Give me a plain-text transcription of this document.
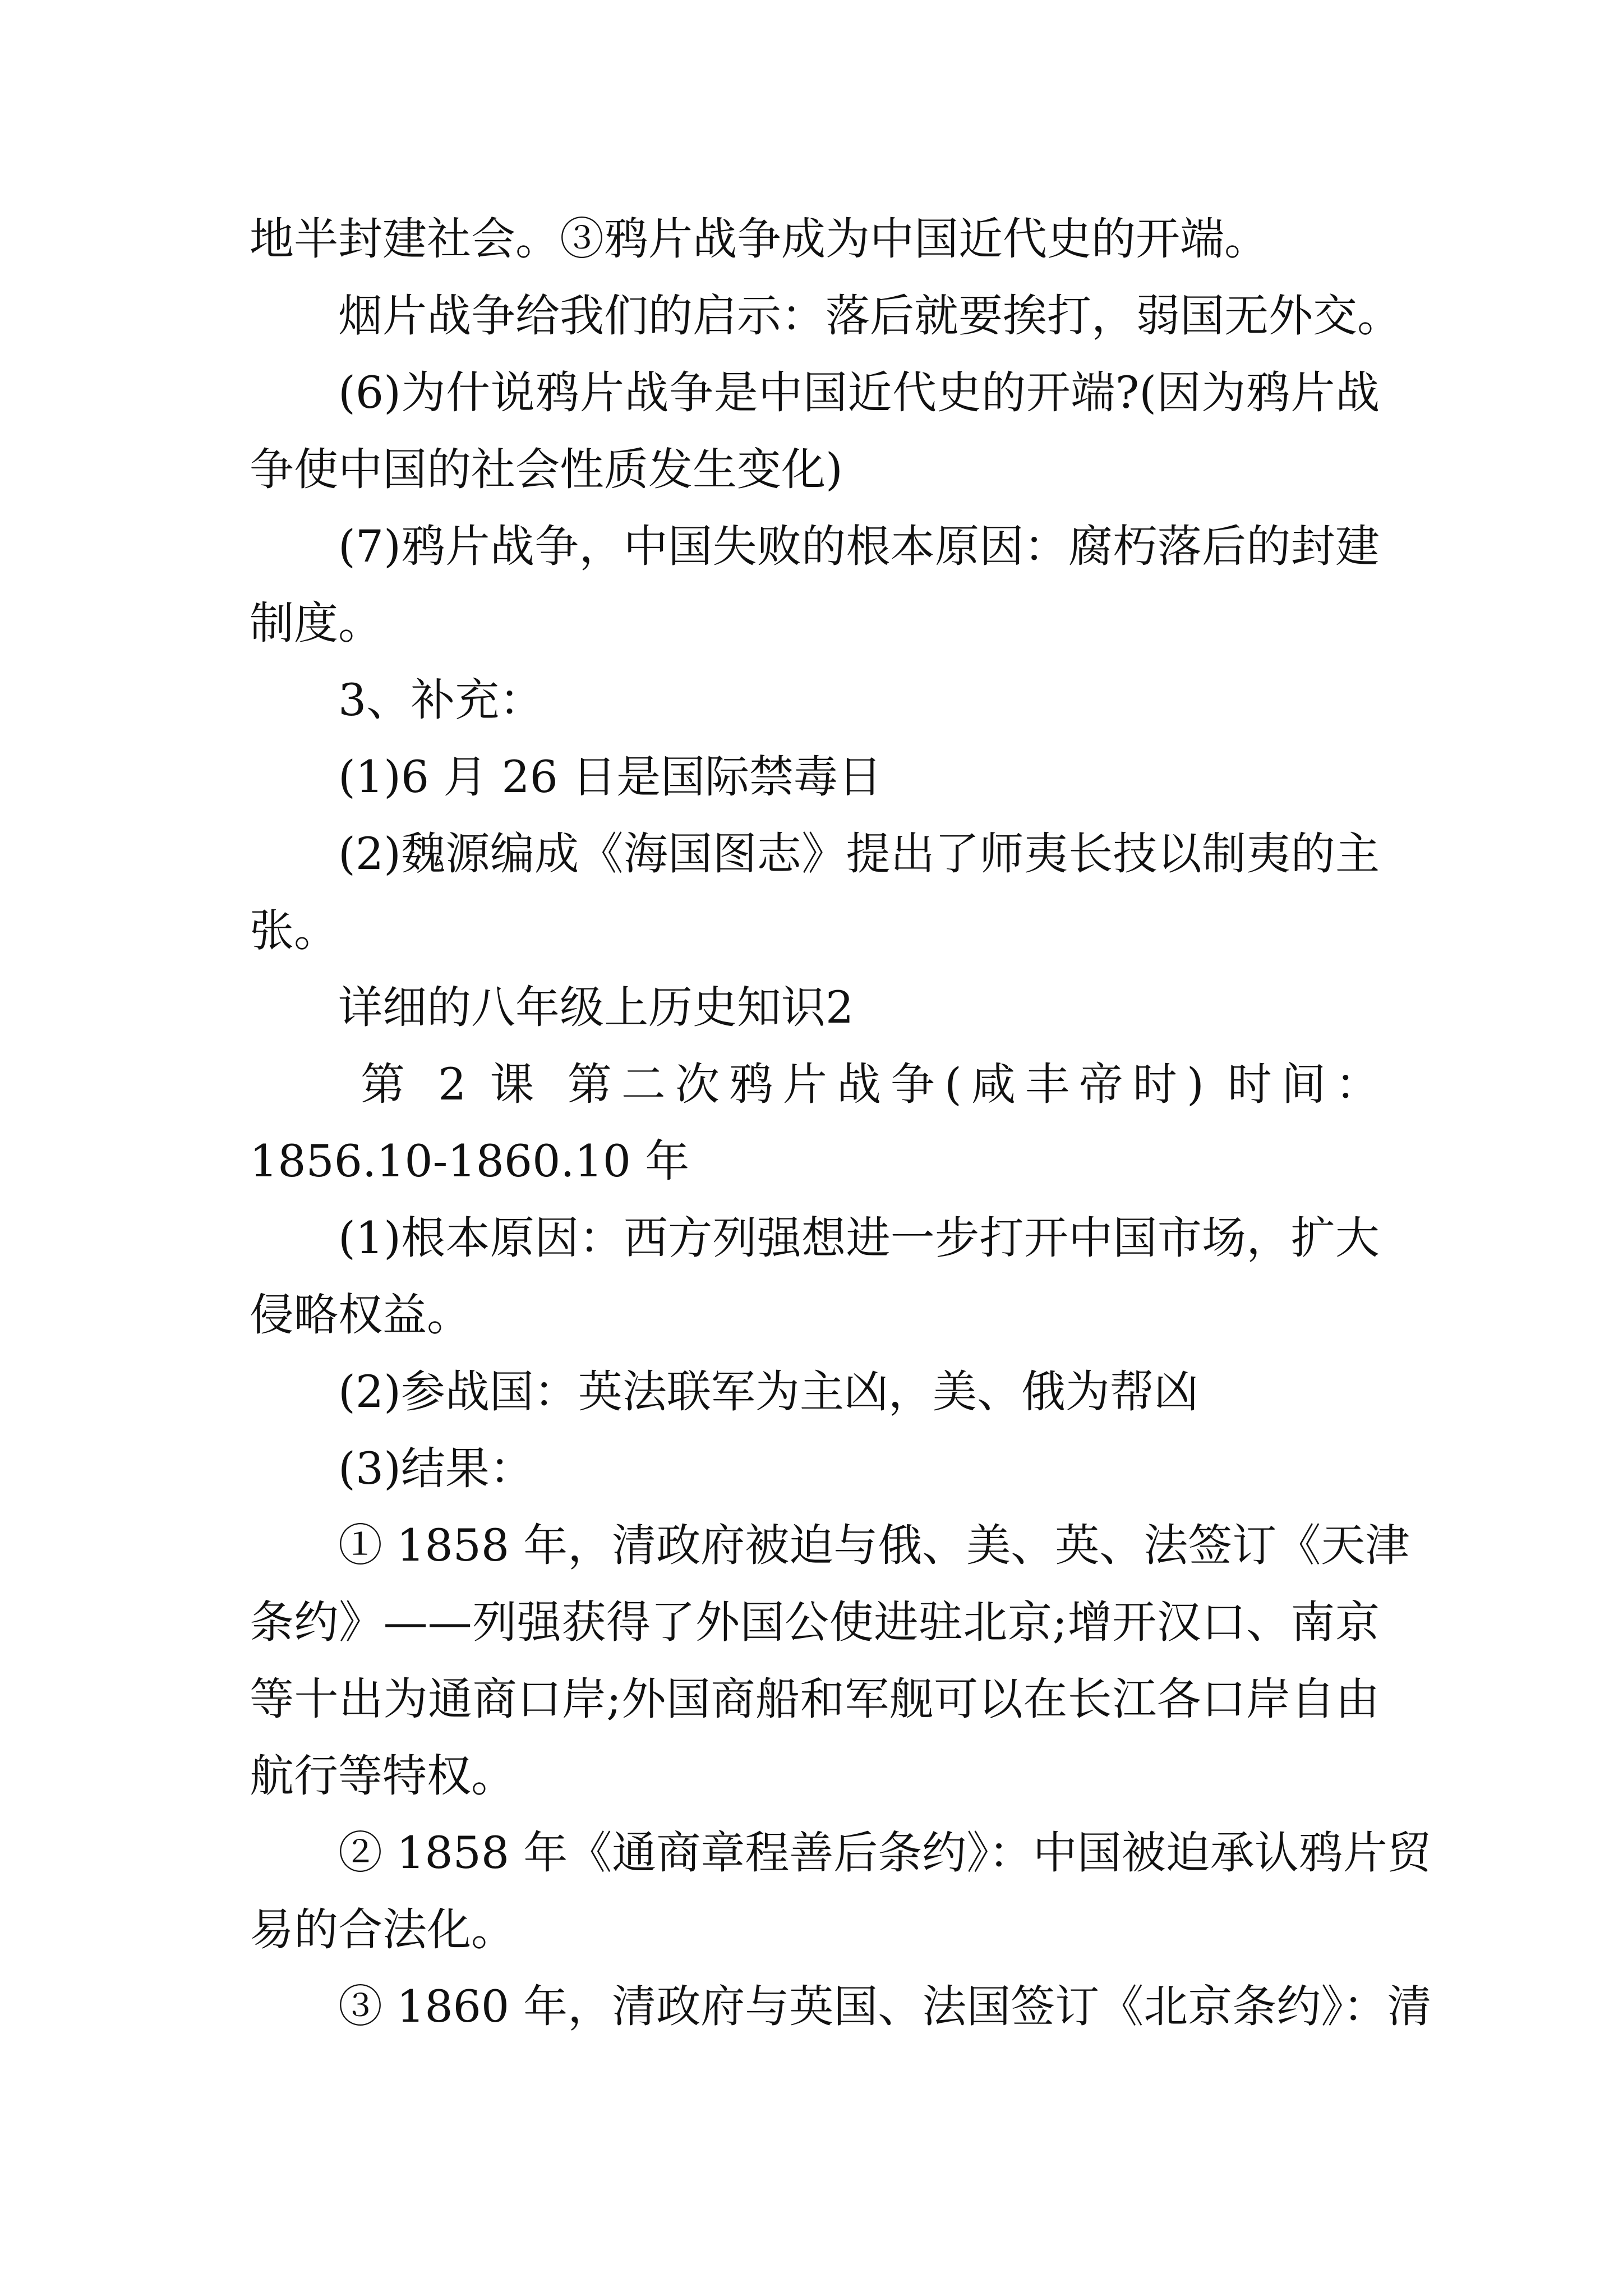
地半封建社会。③鸦片战争成为中国近代史的开端。
烟片战争给我们的启示：落后就要挨打，弱国无外交。
(6)为什说鸦片战争是中国近代史的开端?(因为鸦片战
争使中国的社会性质发生变化)
(7)鸦片战争，中国失败的根本原因：腐朽落后的封建
制度。
3、补充：
(1)6 月 26 日是国际禁毒日
(2)魏源编成《海国图志》提出了师夷长技以制夷的主
张。
详细的八年级上历史知识2
第 2 课 第二次鸦片战争(咸丰帝时) 时间：
1856.10-1860.10 年
(1)根本原因：西方列强想进一步打开中国市场，扩大
侵略权益。
(2)参战国：英法联军为主凶，美、俄为帮凶
(3)结果：
① 1858 年，清政府被迫与俄、美、英、法签订《天津
条约》——列强获得了外国公使进驻北京;增开汉口、南京
等十出为通商口岸;外国商船和军舰可以在长江各口岸自由
航行等特权。
② 1858 年《通商章程善后条约》：中国被迫承认鸦片贸
易的合法化。
③ 1860 年，清政府与英国、法国签订《北京条约》：清
